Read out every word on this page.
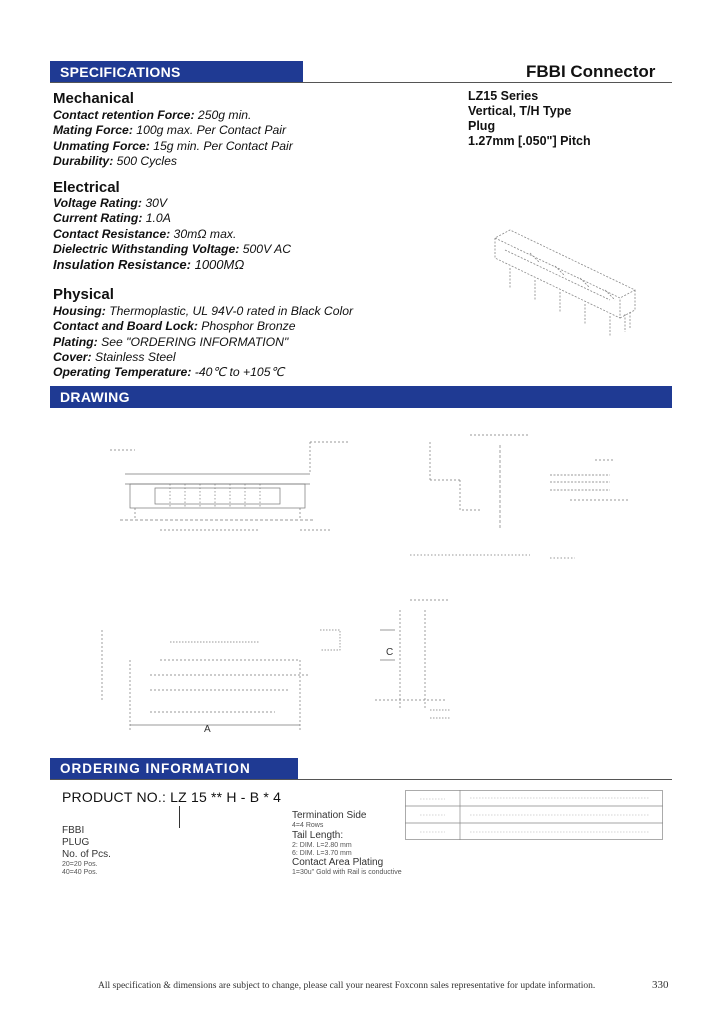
SPECIFICATIONS	FBBI Connector
LZ15 Series
Vertical, T/H Type
Plug
1.27mm [.050"] Pitch
Mechanical
Contact retention Force: 250g min.
Mating Force: 100g max. Per Contact Pair
Unmating Force: 15g min. Per Contact Pair
Durability: 500 Cycles
Electrical
Voltage Rating: 30V
Current Rating: 1.0A
Contact Resistance: 30mΩ max.
Dielectric Withstanding Voltage: 500V AC
Insulation Resistance: 1000MΩ
Physical
Housing: Thermoplastic, UL 94V-0 rated in Black Color
Contact and Board Lock: Phosphor Bronze
Plating: See "ORDERING INFORMATION"
Cover: Stainless Steel
Operating Temperature: -40℃ to +105℃
DRAWING
A
C
ORDERING INFORMATION
PRODUCT NO.: LZ 15 ** H - B * 4
FBBI
PLUG
No. of Pcs.
20=20 Pos.
40=40 Pos.
Termination Side
4=4 Rows
Tail Length:
2: DIM. L=2.80 mm
6: DIM. L=3.70 mm
Contact Area Plating
1=30u" Gold with Rail is conductive
All specification & dimensions are subject to change, please call your nearest Foxconn sales representative for update information.	330
